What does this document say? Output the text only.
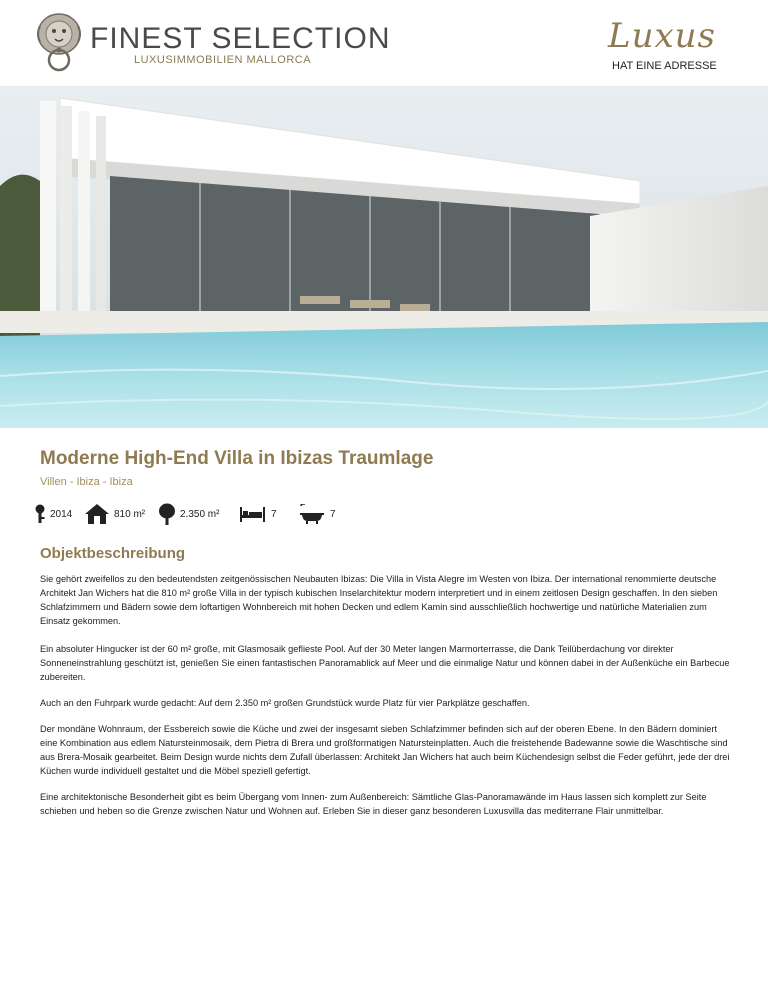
FINEST SELECTION
LUXUSIMMOBILIEN MALLORCA
Luxus
HAT EINE ADRESSE
Moderne High-End Villa in Ibizas Traumlage
Villen - Ibiza - Ibiza
2014	810 m²	2.350 m²	7	7
Objektbeschreibung

Sie gehört zweifellos zu den bedeutendsten zeitgenössischen Neubauten Ibizas: Die Villa in Vista Alegre im Westen von Ibiza. Der international renommierte deutsche Architekt Jan Wichers hat die 810 m² große Villa in der typisch kubischen Inselarchitektur modern interpretiert und in einem zeitlosen Design geschaffen. In den sieben Schlafzimmern und Bädern sowie dem loftartigen Wohnbereich mit hohen Decken und edlem Kamin sind ausschließlich hochwertige und natürliche Materialien zum Einsatz gekommen.

Ein absoluter Hingucker ist der 60 m² große, mit Glasmosaik geflieste Pool. Auf der 30 Meter langen Marmorterrasse, die Dank Teilüberdachung vor direkter Sonneneinstrahlung geschützt ist, genießen Sie einen fantastischen Panoramablick auf Meer und die einmalige Natur und können dabei in der Außenküche ein Barbecue zubereiten.

Auch an den Fuhrpark wurde gedacht: Auf dem 2.350 m² großen Grundstück wurde Platz für vier Parkplätze geschaffen.

Der mondäne Wohnraum, der Essbereich sowie die Küche und zwei der insgesamt sieben Schlafzimmer befinden sich auf der oberen Ebene. In den Bädern dominiert eine Kombination aus edlem Natursteinmosaik, dem Pietra di Brera und großformatigen Natursteinplatten. Auch die freistehende Badewanne sowie die Waschtische sind aus Brera-Mosaik gearbeitet. Beim Design wurde nichts dem Zufall überlassen: Architekt Jan Wichers hat auch beim Küchendesign selbst die Feder geführt, jede der drei Küchen wurde individuell gestaltet und die Möbel speziell gefertigt.

Eine architektonische Besonderheit gibt es beim Übergang vom Innen- zum Außenbereich: Sämtliche Glas-Panoramawände im Haus lassen sich komplett zur Seite schieben und heben so die Grenze zwischen Natur und Wohnen auf. Erleben Sie in dieser ganz besonderen Luxusvilla das mediterrane Flair unmittelbar.
